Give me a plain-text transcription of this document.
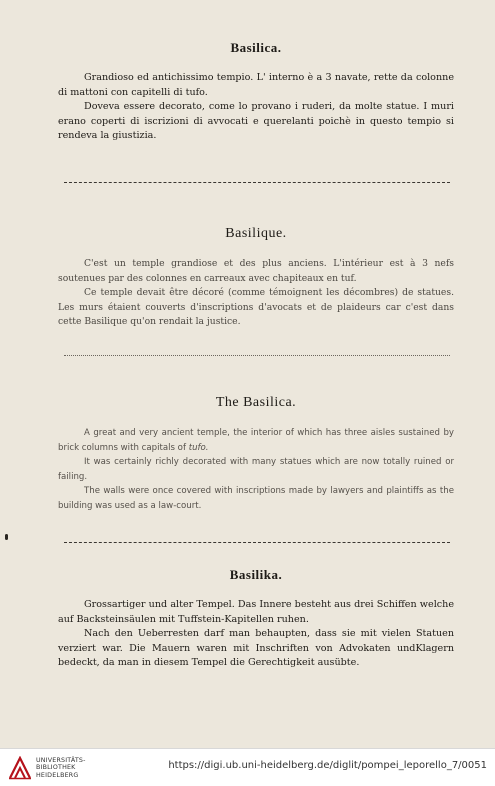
Basilica.

Grandioso ed antichissimo tempio. L' interno è a 3 navate, rette da colonne di mattoni con capitelli di tufo.

Doveva essere decorato, come lo provano i ruderi, da molte statue. I muri erano coperti di iscrizioni di avvocati e querelanti poichè in questo tempio si rendeva la giustizia.

Basilique.

C'est un temple grandiose et des plus anciens. L'intérieur est à 3 nefs soutenues par des colonnes en carreaux avec chapiteaux en tuf.

Ce temple devait être décoré (comme témoignent les décombres) de statues. Les murs étaient couverts d'inscriptions d'avocats et de plaideurs car c'est dans cette Basilique qu'on rendait la justice.

The Basilica.

A great and very ancient temple, the interior of which has three aisles sustained by brick columns with capitals of tufo.

It was certainly richly decorated with many statues which are now totally ruined or failing.

The walls were once covered with inscriptions made by lawyers and plaintiffs as the building was used as a law-court.

Basilika.

Grossartiger und alter Tempel. Das Innere besteht aus drei Schiffen welche auf Backsteinsäulen mit Tuffstein-Kapitellen ruhen.

Nach den Ueberresten darf man behaupten, dass sie mit vielen Statuen verziert war. Die Mauern waren mit Inschriften von Advokaten undKlagern bedeckt, da man in diesem Tempel die Gerechtigkeit ausübte.

UNIVERSITÄTS-
BIBLIOTHEK
HEIDELBERG
https://digi.ub.uni-heidelberg.de/diglit/pompei_leporello_7/0051
